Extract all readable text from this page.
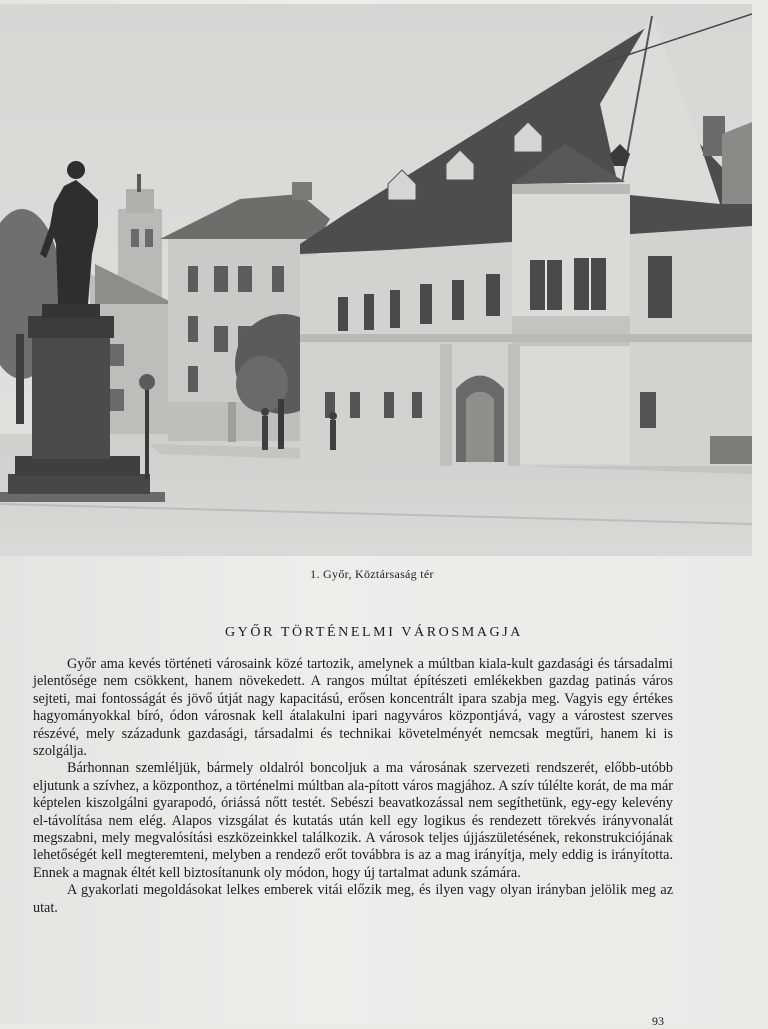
1. Győr, Köztársaság tér
GYŐR TÖRTÉNELMI VÁROSMAGJA

Győr ama kevés történeti városaink közé tartozik, amelynek a múltban kiala-kult gazdasági és társadalmi jelentősége nem csökkent, hanem növekedett. A rangos múltat építészeti emlékekben gazdag patinás város sejteti, mai fontosságát és jövő útját nagy kapacitású, erősen koncentrált ipara szabja meg. Vagyis egy értékes hagyományokkal bíró, ódon városnak kell átalakulni ipari nagyváros központjává, vagy a várostest szerves részévé, mely századunk gazdasági, társadalmi és technikai követelményét nemcsak megtűri, hanem ki is szolgálja.

Bárhonnan szemléljük, bármely oldalról boncoljuk a ma városának szervezeti rendszerét, előbb-utóbb eljutunk a szívhez, a központhoz, a történelmi múltban ala-pított város magjához. A szív túlélte korát, de ma már képtelen kiszolgálni gyarapodó, óriássá nőtt testét. Sebészi beavatkozással nem segíthetünk, egy-egy kelevény el-távolítása nem elég. Alapos vizsgálat és kutatás után kell egy logikus és rendezett törekvés irányvonalát megszabni, mely megvalósítási eszközeinkkel találkozik. A városok teljes újjászületésének, rekonstrukciójának lehetőségét kell megteremteni, melyben a rendező erőt továbbra is az a mag irányítja, mely eddig is irányította. Ennek a magnak éltét kell biztosítanunk oly módon, hogy új tartalmat adunk számára.

A gyakorlati megoldásokat lelkes emberek vitái előzik meg, és ilyen vagy olyan irányban jelölik meg az utat.

93
